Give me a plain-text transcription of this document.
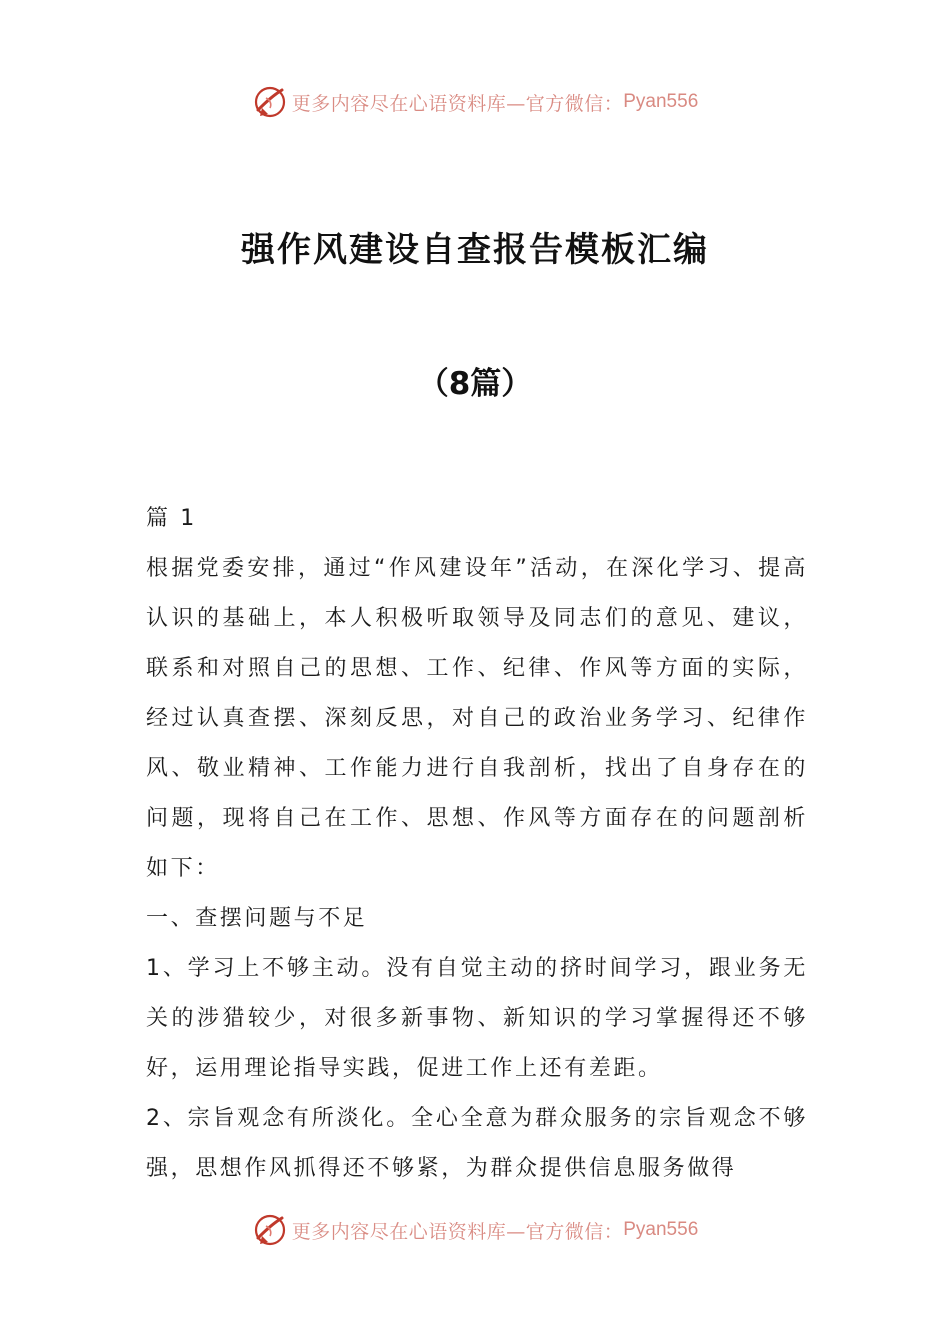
更多内容尽在心语资料库—官方微信： Pyan556
强作风建设自查报告模板汇编
（8篇）

篇 1

根据党委安排，通过“作风建设年”活动，在深化学习、提高认识的基础上，本人积极听取领导及同志们的意见、建议，联系和对照自己的思想、工作、纪律、作风等方面的实际，经过认真查摆、深刻反思，对自己的政治业务学习、纪律作风、敬业精神、工作能力进行自我剖析，找出了自身存在的问题，现将自己在工作、思想、作风等方面存在的问题剖析如下：

一、查摆问题与不足

1、学习上不够主动。没有自觉主动的挤时间学习，跟业务无关的涉猎较少，对很多新事物、新知识的学习掌握得还不够好，运用理论指导实践，促进工作上还有差距。

2、宗旨观念有所淡化。全心全意为群众服务的宗旨观念不够强，思想作风抓得还不够紧，为群众提供信息服务做得

更多内容尽在心语资料库—官方微信： Pyan556
